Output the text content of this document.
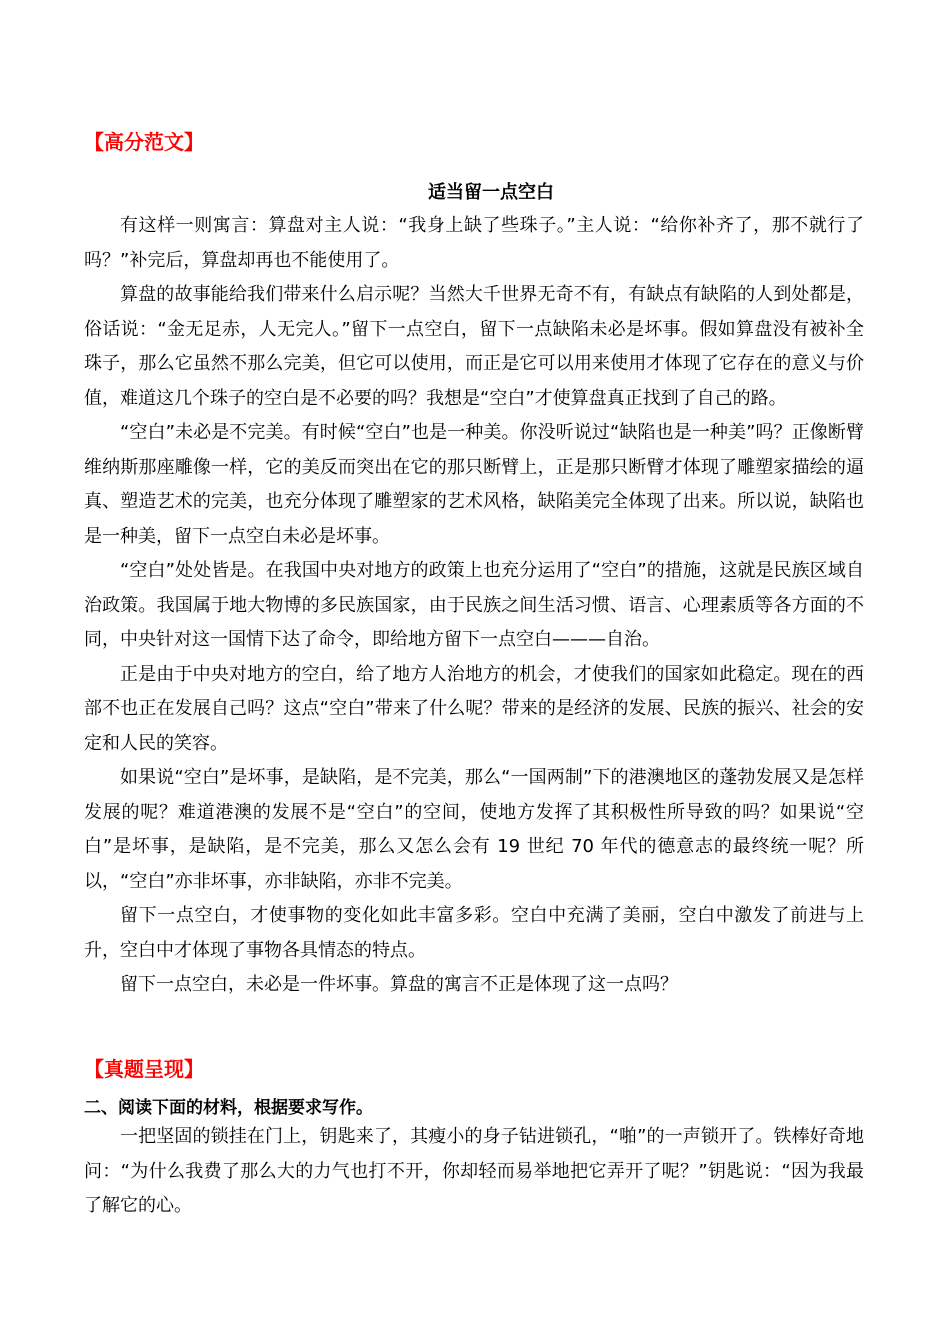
【高分范文】
适当留一点空白

有这样一则寓言：算盘对主人说：“我身上缺了些珠子。”主人说：“给你补齐了，那不就行了吗？”补完后，算盘却再也不能使用了。

算盘的故事能给我们带来什么启示呢？当然大千世界无奇不有，有缺点有缺陷的人到处都是，俗话说：“金无足赤，人无完人。”留下一点空白，留下一点缺陷未必是坏事。假如算盘没有被补全珠子，那么它虽然不那么完美，但它可以使用，而正是它可以用来使用才体现了它存在的意义与价值，难道这几个珠子的空白是不必要的吗？我想是“空白”才使算盘真正找到了自己的路。

“空白”未必是不完美。有时候“空白”也是一种美。你没听说过“缺陷也是一种美”吗？正像断臂维纳斯那座雕像一样，它的美反而突出在它的那只断臂上，正是那只断臂才体现了雕塑家描绘的逼真、塑造艺术的完美，也充分体现了雕塑家的艺术风格，缺陷美完全体现了出来。所以说，缺陷也是一种美，留下一点空白未必是坏事。

“空白”处处皆是。在我国中央对地方的政策上也充分运用了“空白”的措施，这就是民族区域自治政策。我国属于地大物博的多民族国家，由于民族之间生活习惯、语言、心理素质等各方面的不同，中央针对这一国情下达了命令，即给地方留下一点空白———自治。

正是由于中央对地方的空白，给了地方人治地方的机会，才使我们的国家如此稳定。现在的西部不也正在发展自己吗？这点“空白”带来了什么呢？带来的是经济的发展、民族的振兴、社会的安定和人民的笑容。

如果说“空白”是坏事，是缺陷，是不完美，那么“一国两制”下的港澳地区的蓬勃发展又是怎样发展的呢？难道港澳的发展不是“空白”的空间，使地方发挥了其积极性所导致的吗？如果说“空白”是坏事，是缺陷，是不完美，那么又怎么会有 19 世纪 70 年代的德意志的最终统一呢？所以，“空白”亦非坏事，亦非缺陷，亦非不完美。

留下一点空白，才使事物的变化如此丰富多彩。空白中充满了美丽，空白中激发了前进与上升，空白中才体现了事物各具情态的特点。

留下一点空白，未必是一件坏事。算盘的寓言不正是体现了这一点吗？

【真题呈现】
二、阅读下面的材料，根据要求写作。

一把坚固的锁挂在门上，钥匙来了，其瘦小的身子钻进锁孔，“啪”的一声锁开了。铁棒好奇地问：“为什么我费了那么大的力气也打不开，你却轻而易举地把它弄开了呢？”钥匙说：“因为我最了解它的心。
